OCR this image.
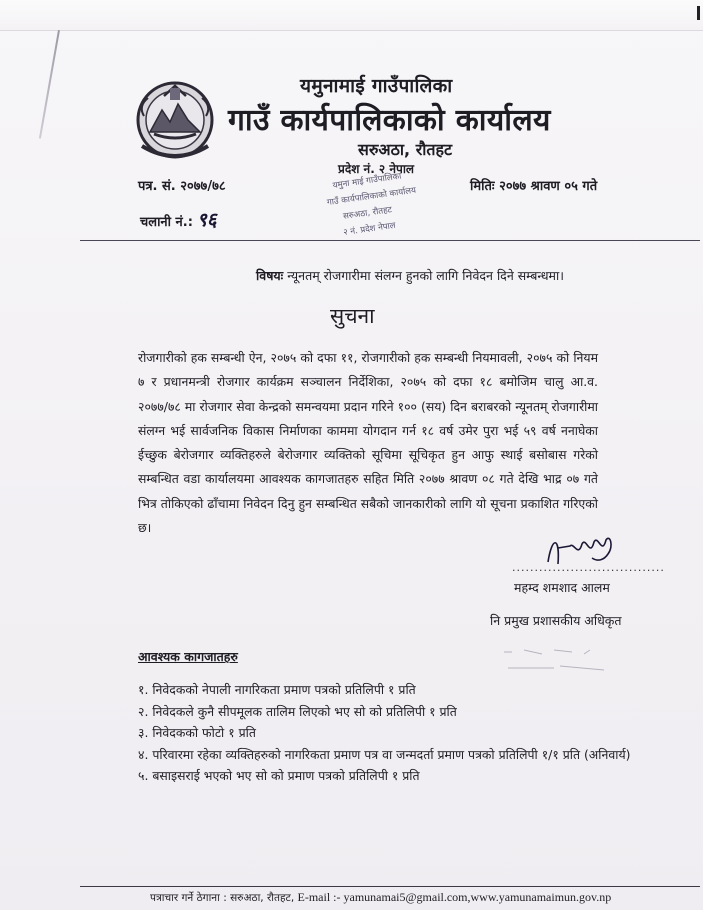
यमुनामाई गाउँपालिका
गाउँ कार्यपालिकाको कार्यालय
सरुअठा, रौतहट
प्रदेश नं. २ नेपाल
पत्र. सं. २०७७/७८	मितिः २०७७ श्रावण ०५ गते
चलानी नं.: ९६
यमुना माई गाउँपालिका
गाउँ कार्यपालिकाको कार्यालय
सरुअठा, रौतहट
२ नं. प्रदेश नेपाल
विषयः न्यूनतम् रोजगारीमा संलग्न हुनको लागि निवेदन दिने सम्बन्धमा।
सुचना
रोजगारीको हक सम्बन्धी ऐन, २०७५ को दफा ११, रोजगारीको हक सम्बन्धी नियमावली, २०७५ को नियम ७ र प्रधानमन्त्री रोजगार कार्यक्रम सञ्चालन निर्देशिका, २०७५ को दफा १८ बमोजिम चालु आ.व. २०७७/७८ मा रोजगार सेवा केन्द्रको समन्वयमा प्रदान गरिने १०० (सय) दिन बराबरको न्यूनतम् रोजगारीमा संलग्न भई सार्वजनिक विकास निर्माणका काममा योगदान गर्न १८ वर्ष उमेर पुरा भई ५९ वर्ष ननाघेका ईच्छुक बेरोजगार व्यक्तिहरुले बेरोजगार व्यक्तिको सूचिमा सूचिकृत हुन आफु स्थाई बसोबास गरेको सम्बन्धित वडा कार्यालयमा आवश्यक कागजातहरु सहित मिति २०७७ श्रावण ०८ गते देखि भाद्र ०७ गते भित्र तोकिएको ढाँचामा निवेदन दिनु हुन सम्बन्धित सबैको जानकारीको लागि यो सूचना प्रकाशित गरिएको छ।
..................................
महम्द शमशाद आलम
नि प्रमुख प्रशासकीय अधिकृत
आवश्यक कागजातहरु
१. निवेदकको नेपाली नागरिकता प्रमाण पत्रको प्रतिलिपी १ प्रति
२. निवेदकले कुनै सीपमूलक तालिम लिएको भए सो को प्रतिलिपी १ प्रति
३. निवेदकको फोटो १ प्रति
४. परिवारमा रहेका व्यक्तिहरुको नागरिकता प्रमाण पत्र वा जन्मदर्ता प्रमाण पत्रको प्रतिलिपी १/१ प्रति (अनिवार्य)
५. बसाइसराई भएको भए सो को प्रमाण पत्रको प्रतिलिपी १ प्रति
पत्राचार गर्ने ठेगाना : सरुअठा, रौतहट, E-mail :- yamunamai5@gmail.com,www.yamunamaimun.gov.np
